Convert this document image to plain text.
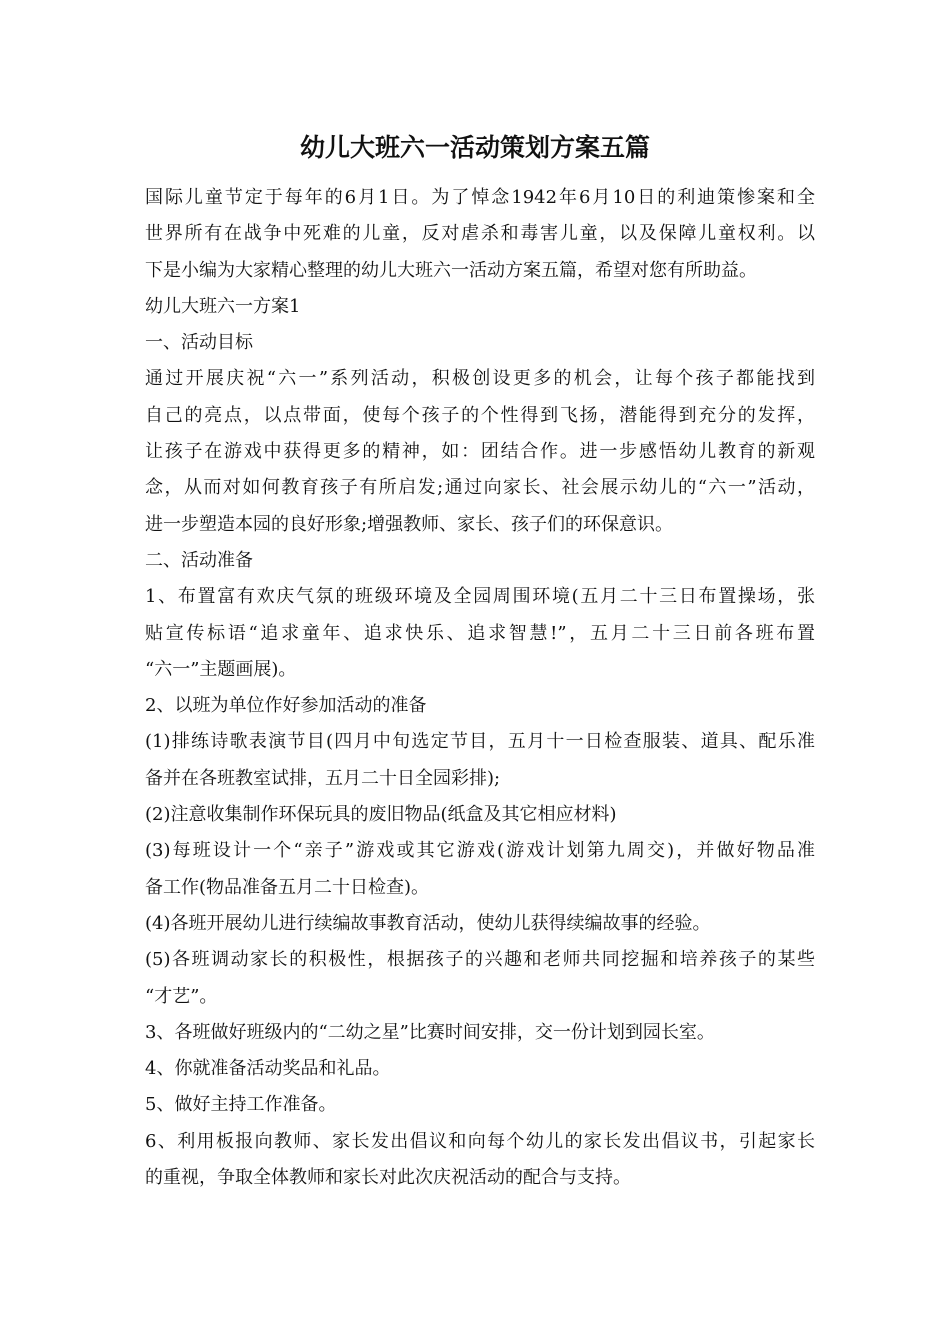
幼儿大班六一活动策划方案五篇
国际儿童节定于每年的6月1日。为了悼念1942年6月10日的利迪策惨案和全
世界所有在战争中死难的儿童，反对虐杀和毒害儿童，以及保障儿童权利。以
下是小编为大家精心整理的幼儿大班六一活动方案五篇，希望对您有所助益。
幼儿大班六一方案1
一、活动目标
通过开展庆祝“六一”系列活动，积极创设更多的机会，让每个孩子都能找到
自己的亮点，以点带面，使每个孩子的个性得到飞扬，潜能得到充分的发挥，
让孩子在游戏中获得更多的精神，如：团结合作。进一步感悟幼儿教育的新观
念，从而对如何教育孩子有所启发;通过向家长、社会展示幼儿的“六一”活动，
进一步塑造本园的良好形象;增强教师、家长、孩子们的环保意识。
二、活动准备
1、布置富有欢庆气氛的班级环境及全园周围环境(五月二十三日布置操场，张
贴宣传标语“追求童年、追求快乐、追求智慧!”，五月二十三日前各班布置
“六一”主题画展)。
2、以班为单位作好参加活动的准备
(1)排练诗歌表演节目(四月中旬选定节目，五月十一日检查服装、道具、配乐准
备并在各班教室试排，五月二十日全园彩排);
(2)注意收集制作环保玩具的废旧物品(纸盒及其它相应材料)
(3)每班设计一个“亲子”游戏或其它游戏(游戏计划第九周交)，并做好物品准
备工作(物品准备五月二十日检查)。
(4)各班开展幼儿进行续编故事教育活动，使幼儿获得续编故事的经验。
(5)各班调动家长的积极性，根据孩子的兴趣和老师共同挖掘和培养孩子的某些
“才艺”。
3、各班做好班级内的“二幼之星”比赛时间安排，交一份计划到园长室。
4、你就准备活动奖品和礼品。
5、做好主持工作准备。
6、利用板报向教师、家长发出倡议和向每个幼儿的家长发出倡议书，引起家长
的重视，争取全体教师和家长对此次庆祝活动的配合与支持。
